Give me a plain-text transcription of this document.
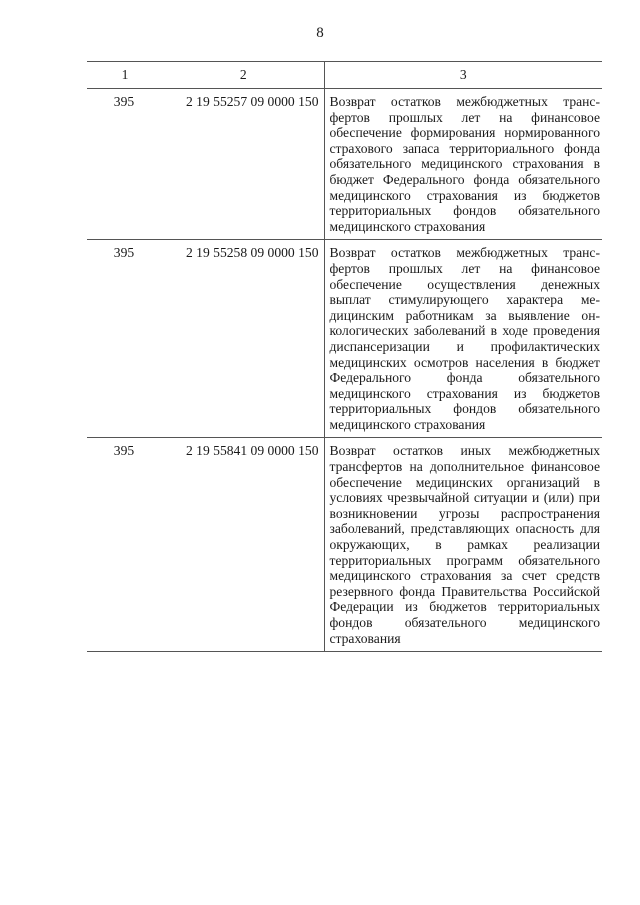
8
1	2	3
395	2 19 55257 09 0000 150	Возврат остатков межбюджетных трансфертов прошлых лет на финансовое обеспечение формирования нормированного страхового запаса территориального фонда обязательного медицинского страхования в бюджет Федерального фонда обязательного медицинского страхования из бюджетов территориальных фондов обязательного медицинского страхования
395	2 19 55258 09 0000 150	Возврат остатков межбюджетных трансфертов прошлых лет на финансовое обеспечение осуществления денежных выплат стимулирующего характера медицинским работникам за выявление онкологических заболеваний в ходе проведения диспансеризации и профилактических медицинских осмотров населения в бюджет Федерального фонда обязательного медицинского страхования из бюджетов территориальных фондов обязательного медицинского страхования
395	2 19 55841 09 0000 150	Возврат остатков иных межбюджетных трансфертов на дополнительное финансовое обеспечение медицинских организаций в условиях чрезвычайной ситуации и (или) при возникновении угрозы распространения заболеваний, представляющих опасность для окружающих, в рамках реализации территориальных программ обязательного медицинского страхования за счет средств резервного фонда Правительства Российской Федерации из бюджетов территориальных фондов обязательного медицинского страхования
